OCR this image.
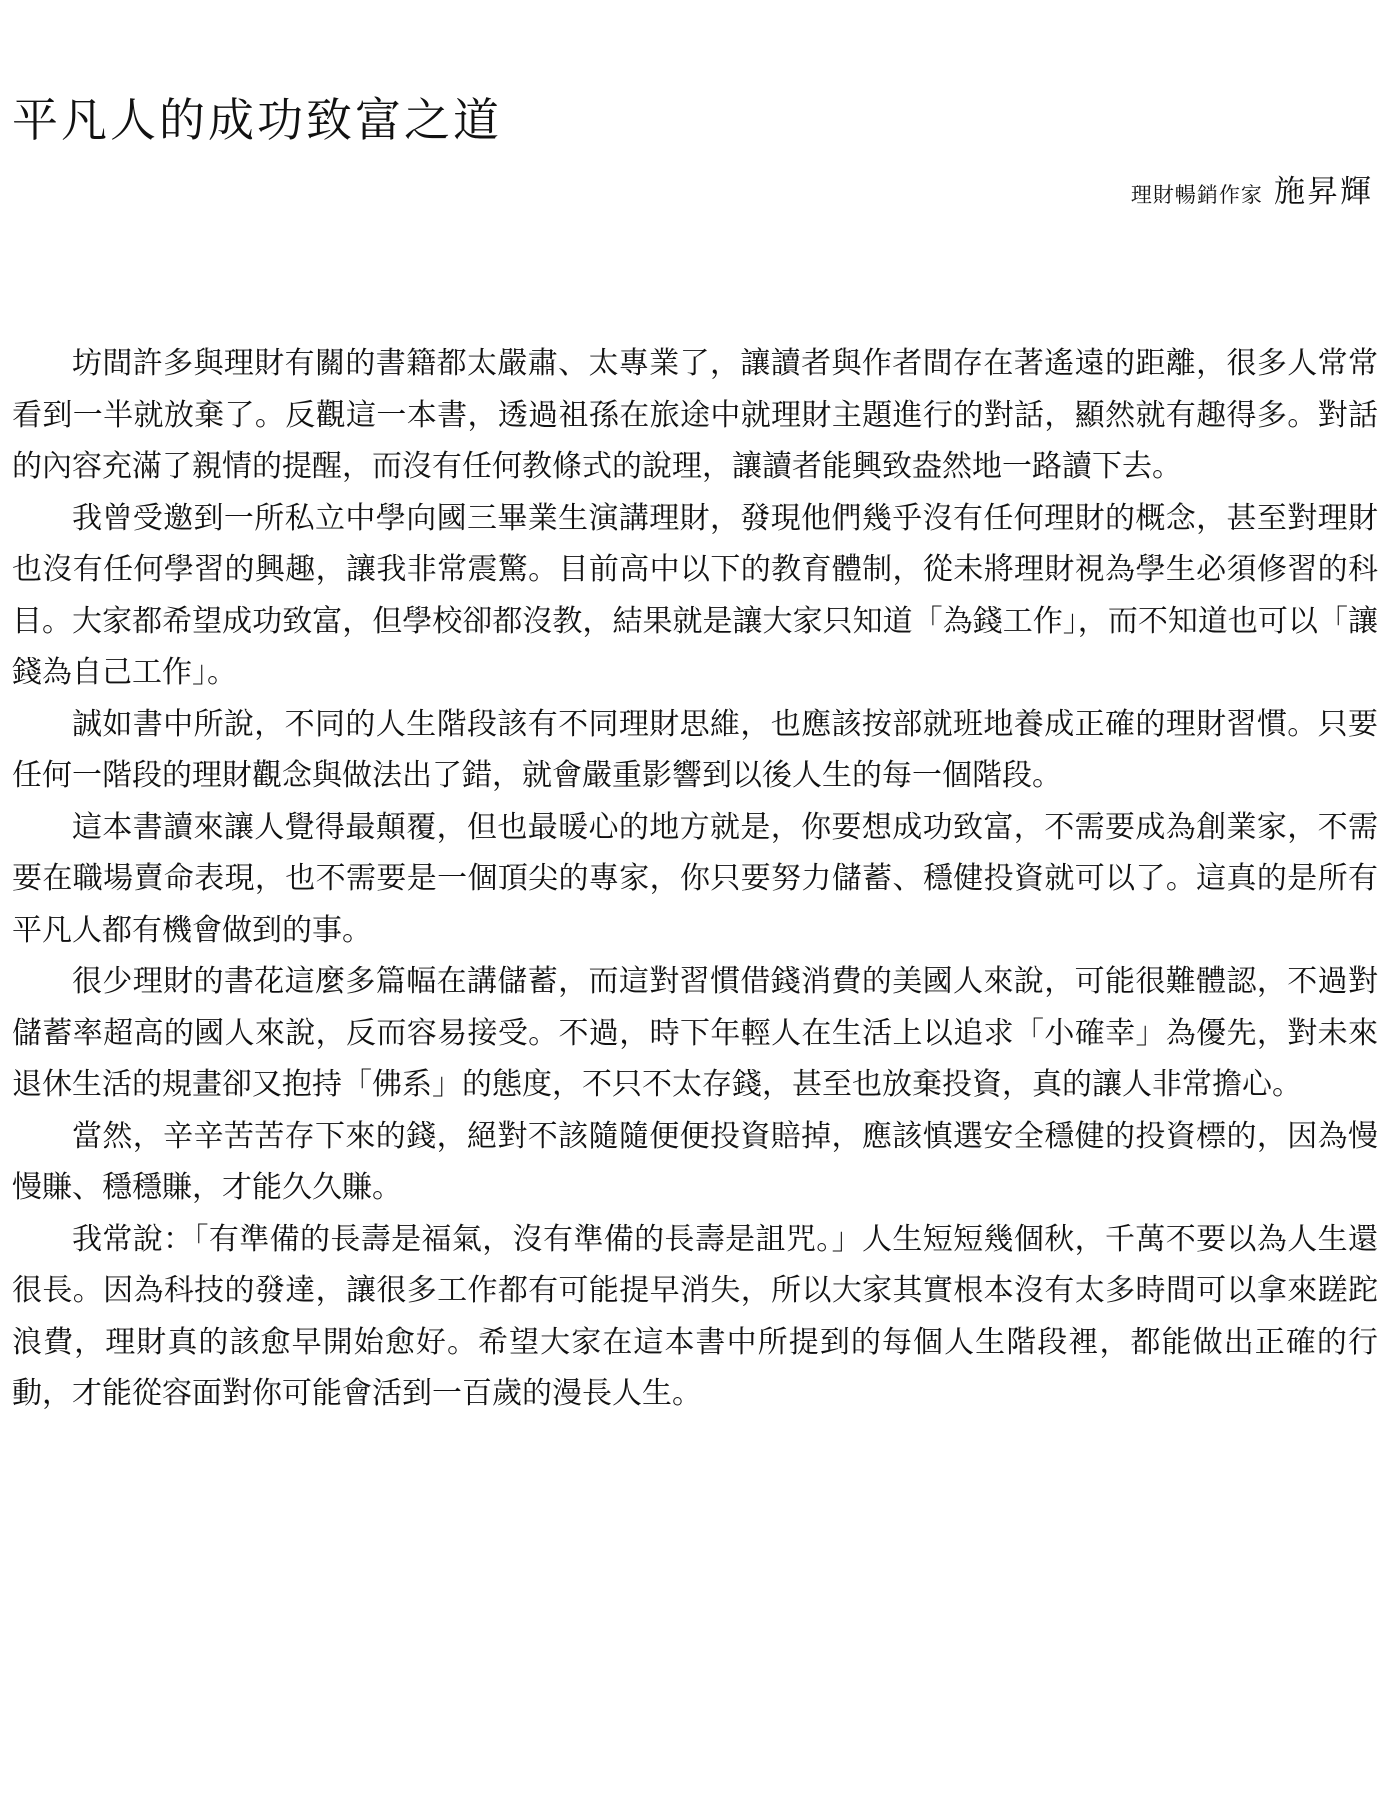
平凡人的成功致富之道
理財暢銷作家 施昇輝

坊間許多與理財有關的書籍都太嚴肅、太專業了，讓讀者與作者間存在著遙遠的距離，很多人常常看到一半就放棄了。反觀這一本書，透過祖孫在旅途中就理財主題進行的對話，顯然就有趣得多。對話的內容充滿了親情的提醒，而沒有任何教條式的說理，讓讀者能興致盎然地一路讀下去。

我曾受邀到一所私立中學向國三畢業生演講理財，發現他們幾乎沒有任何理財的概念，甚至對理財也沒有任何學習的興趣，讓我非常震驚。目前高中以下的教育體制，從未將理財視為學生必須修習的科目。大家都希望成功致富，但學校卻都沒教，結果就是讓大家只知道「為錢工作」，而不知道也可以「讓錢為自己工作」。

誠如書中所說，不同的人生階段該有不同理財思維，也應該按部就班地養成正確的理財習慣。只要任何一階段的理財觀念與做法出了錯，就會嚴重影響到以後人生的每一個階段。

這本書讀來讓人覺得最顛覆，但也最暖心的地方就是，你要想成功致富，不需要成為創業家，不需要在職場賣命表現，也不需要是一個頂尖的專家，你只要努力儲蓄、穩健投資就可以了。這真的是所有平凡人都有機會做到的事。

很少理財的書花這麼多篇幅在講儲蓄，而這對習慣借錢消費的美國人來說，可能很難體認，不過對儲蓄率超高的國人來說，反而容易接受。不過，時下年輕人在生活上以追求「小確幸」為優先，對未來退休生活的規畫卻又抱持「佛系」的態度，不只不太存錢，甚至也放棄投資，真的讓人非常擔心。

當然，辛辛苦苦存下來的錢，絕對不該隨隨便便投資賠掉，應該慎選安全穩健的投資標的，因為慢慢賺、穩穩賺，才能久久賺。

我常說：「有準備的長壽是福氣，沒有準備的長壽是詛咒。」人生短短幾個秋，千萬不要以為人生還很長。因為科技的發達，讓很多工作都有可能提早消失，所以大家其實根本沒有太多時間可以拿來蹉跎浪費，理財真的該愈早開始愈好。希望大家在這本書中所提到的每個人生階段裡，都能做出正確的行動，才能從容面對你可能會活到一百歲的漫長人生。
